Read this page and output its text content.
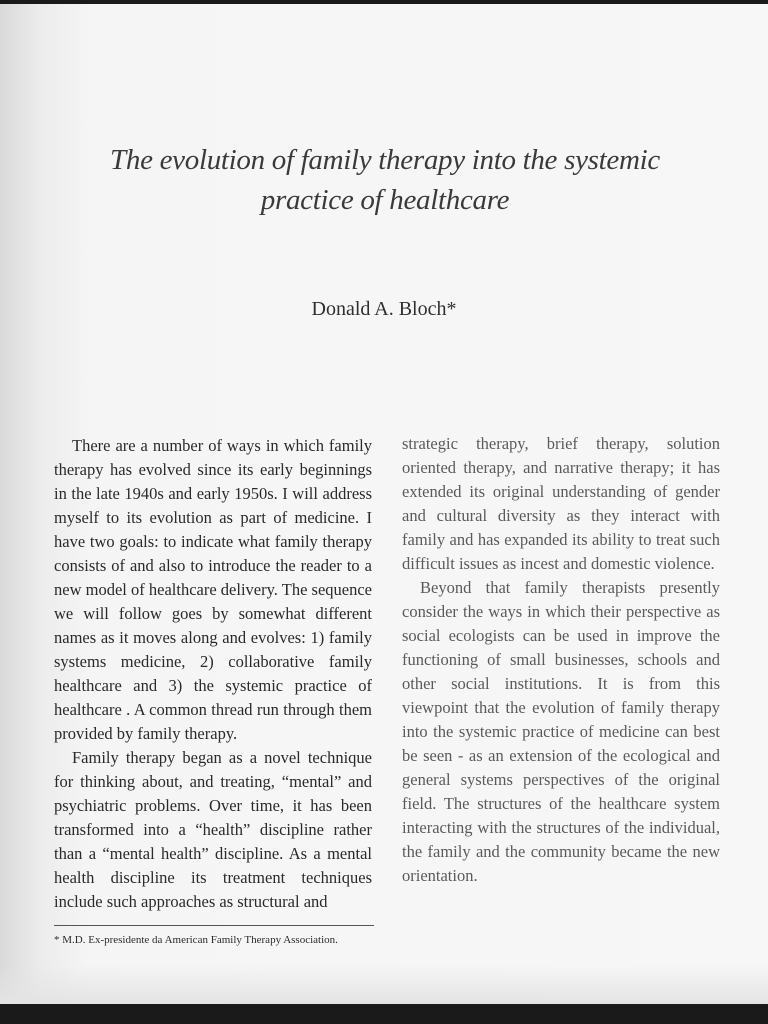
The evolution of family therapy into the systemic
practice of healthcare

Donald A. Bloch*

There are a number of ways in which family therapy has evolved since its early beginnings in the late 1940s and early 1950s. I will address myself to its evolution as part of medicine. I have two goals: to indicate what family therapy consists of and also to introduce the reader to a new model of healthcare delivery. The sequence we will follow goes by somewhat different names as it moves along and evolves: 1) family systems medicine, 2) collaborative family healthcare and 3) the systemic practice of healthcare . A common thread run through them provided by family therapy.

Family therapy began as a novel technique for thinking about, and treating, “mental” and psychiatric problems. Over time, it has been transformed into a “health” discipline rather than a “mental health” discipline. As a mental health discipline its treatment techniques include such approaches as structural and

strategic therapy, brief therapy, solution oriented therapy, and narrative therapy; it has extended its original understanding of gender and cultural diversity as they interact with family and has expanded its ability to treat such difficult issues as incest and domestic violence.

Beyond that family therapists presently consider the ways in which their perspective as social ecologists can be used in improve the functioning of small businesses, schools and other social institutions. It is from this viewpoint that the evolution of family therapy into the systemic practice of medicine can best be seen - as an extension of the ecological and general systems perspectives of the original field. The structures of the healthcare system interacting with the structures of the individual, the family and the community became the new orientation.

* M.D. Ex-presidente da American Family Therapy Association.
